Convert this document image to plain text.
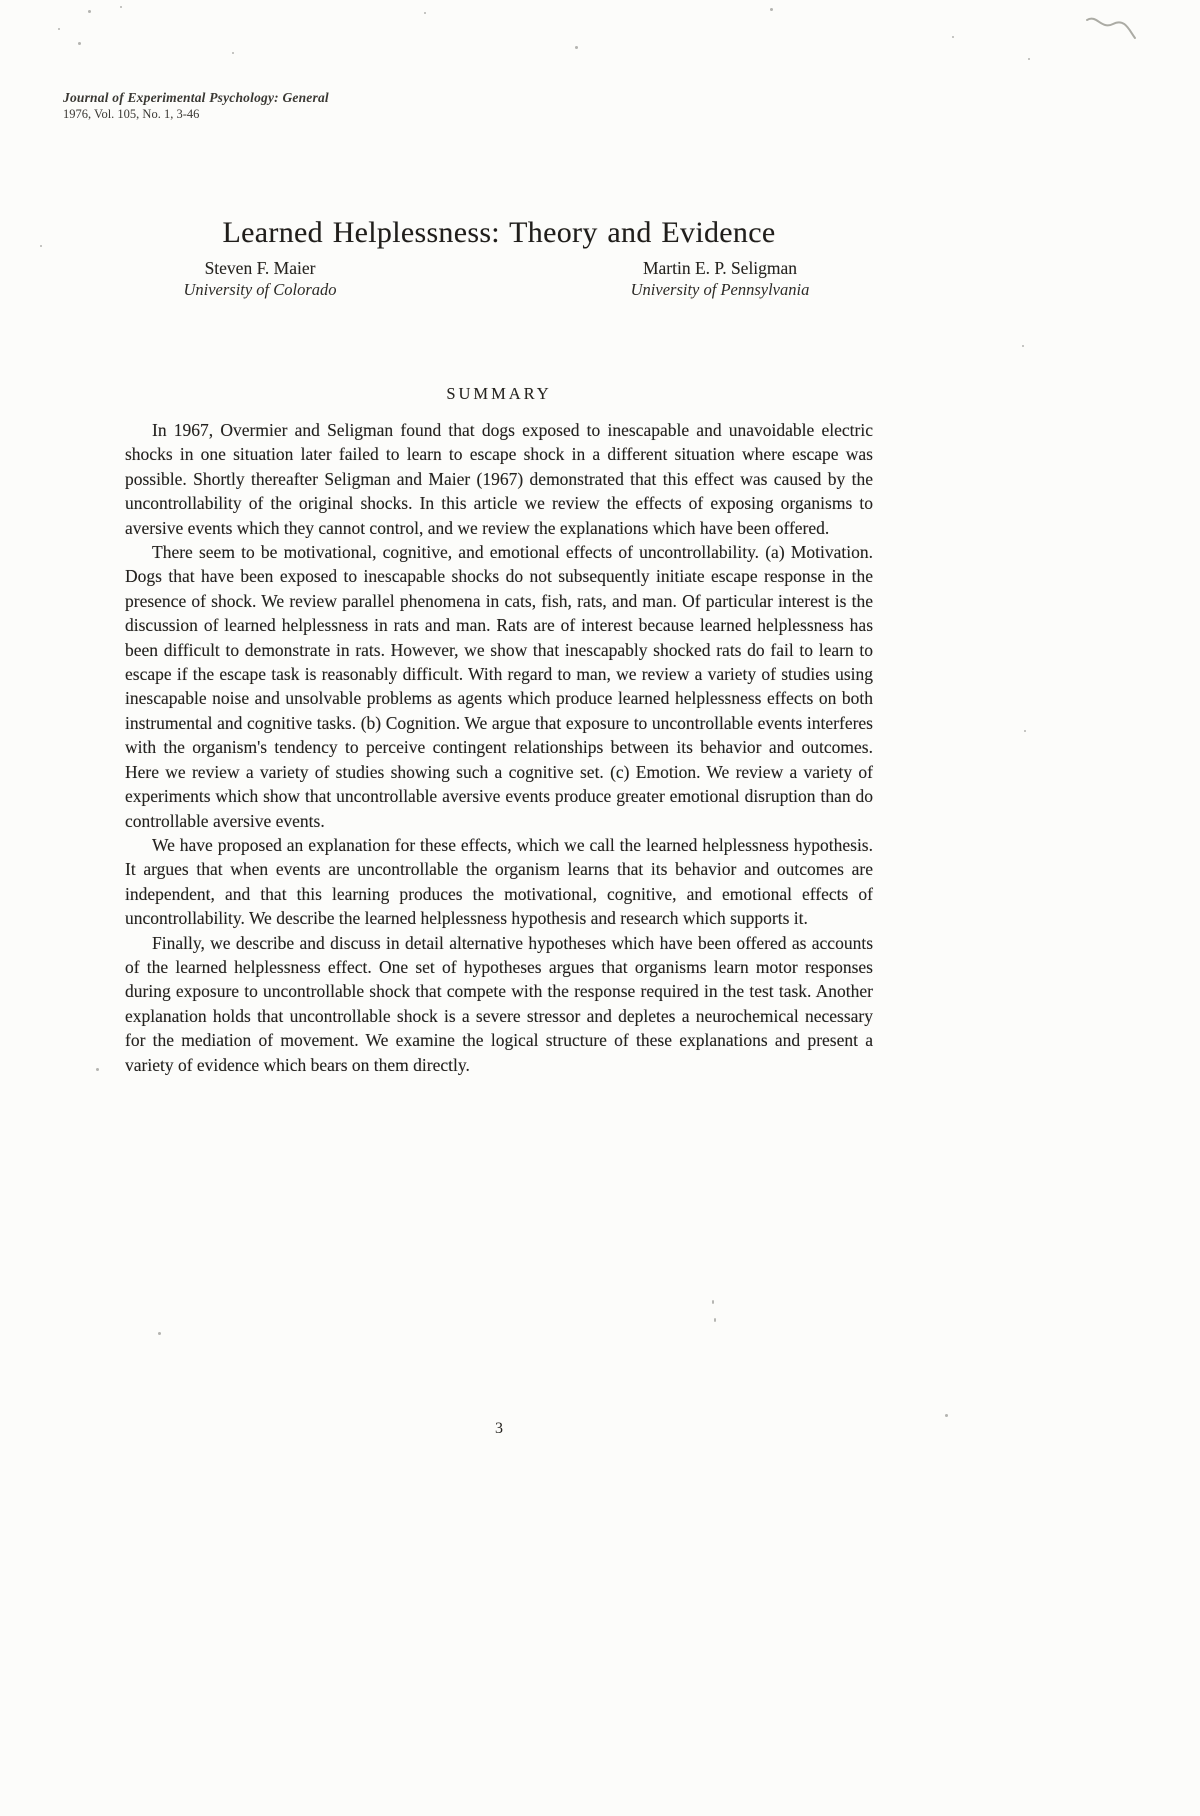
Journal of Experimental Psychology: General
1976, Vol. 105, No. 1, 3-46
Learned Helplessness: Theory and Evidence
Steven F. Maier
University of Colorado
Martin E. P. Seligman
University of Pennsylvania
SUMMARY

In 1967, Overmier and Seligman found that dogs exposed to inescapable and unavoidable electric shocks in one situation later failed to learn to escape shock in a different situation where escape was possible. Shortly thereafter Seligman and Maier (1967) demonstrated that this effect was caused by the uncontrollability of the original shocks. In this article we review the effects of exposing organisms to aversive events which they cannot control, and we review the explanations which have been offered.

There seem to be motivational, cognitive, and emotional effects of uncontrollability. (a) Motivation. Dogs that have been exposed to inescapable shocks do not subsequently initiate escape response in the presence of shock. We review parallel phenomena in cats, fish, rats, and man. Of particular interest is the discussion of learned helplessness in rats and man. Rats are of interest because learned helplessness has been difficult to demonstrate in rats. However, we show that inescapably shocked rats do fail to learn to escape if the escape task is reasonably difficult. With regard to man, we review a variety of studies using inescapable noise and unsolvable problems as agents which produce learned helplessness effects on both instrumental and cognitive tasks. (b) Cognition. We argue that exposure to uncontrollable events interferes with the organism's tendency to perceive contingent relationships between its behavior and outcomes. Here we review a variety of studies showing such a cognitive set. (c) Emotion. We review a variety of experiments which show that uncontrollable aversive events produce greater emotional disruption than do controllable aversive events.

We have proposed an explanation for these effects, which we call the learned helplessness hypothesis. It argues that when events are uncontrollable the organism learns that its behavior and outcomes are independent, and that this learning produces the motivational, cognitive, and emotional effects of uncontrollability. We describe the learned helplessness hypothesis and research which supports it.

Finally, we describe and discuss in detail alternative hypotheses which have been offered as accounts of the learned helplessness effect. One set of hypotheses argues that organisms learn motor responses during exposure to uncontrollable shock that compete with the response required in the test task. Another explanation holds that uncontrollable shock is a severe stressor and depletes a neurochemical necessary for the mediation of movement. We examine the logical structure of these explanations and present a variety of evidence which bears on them directly.

3
